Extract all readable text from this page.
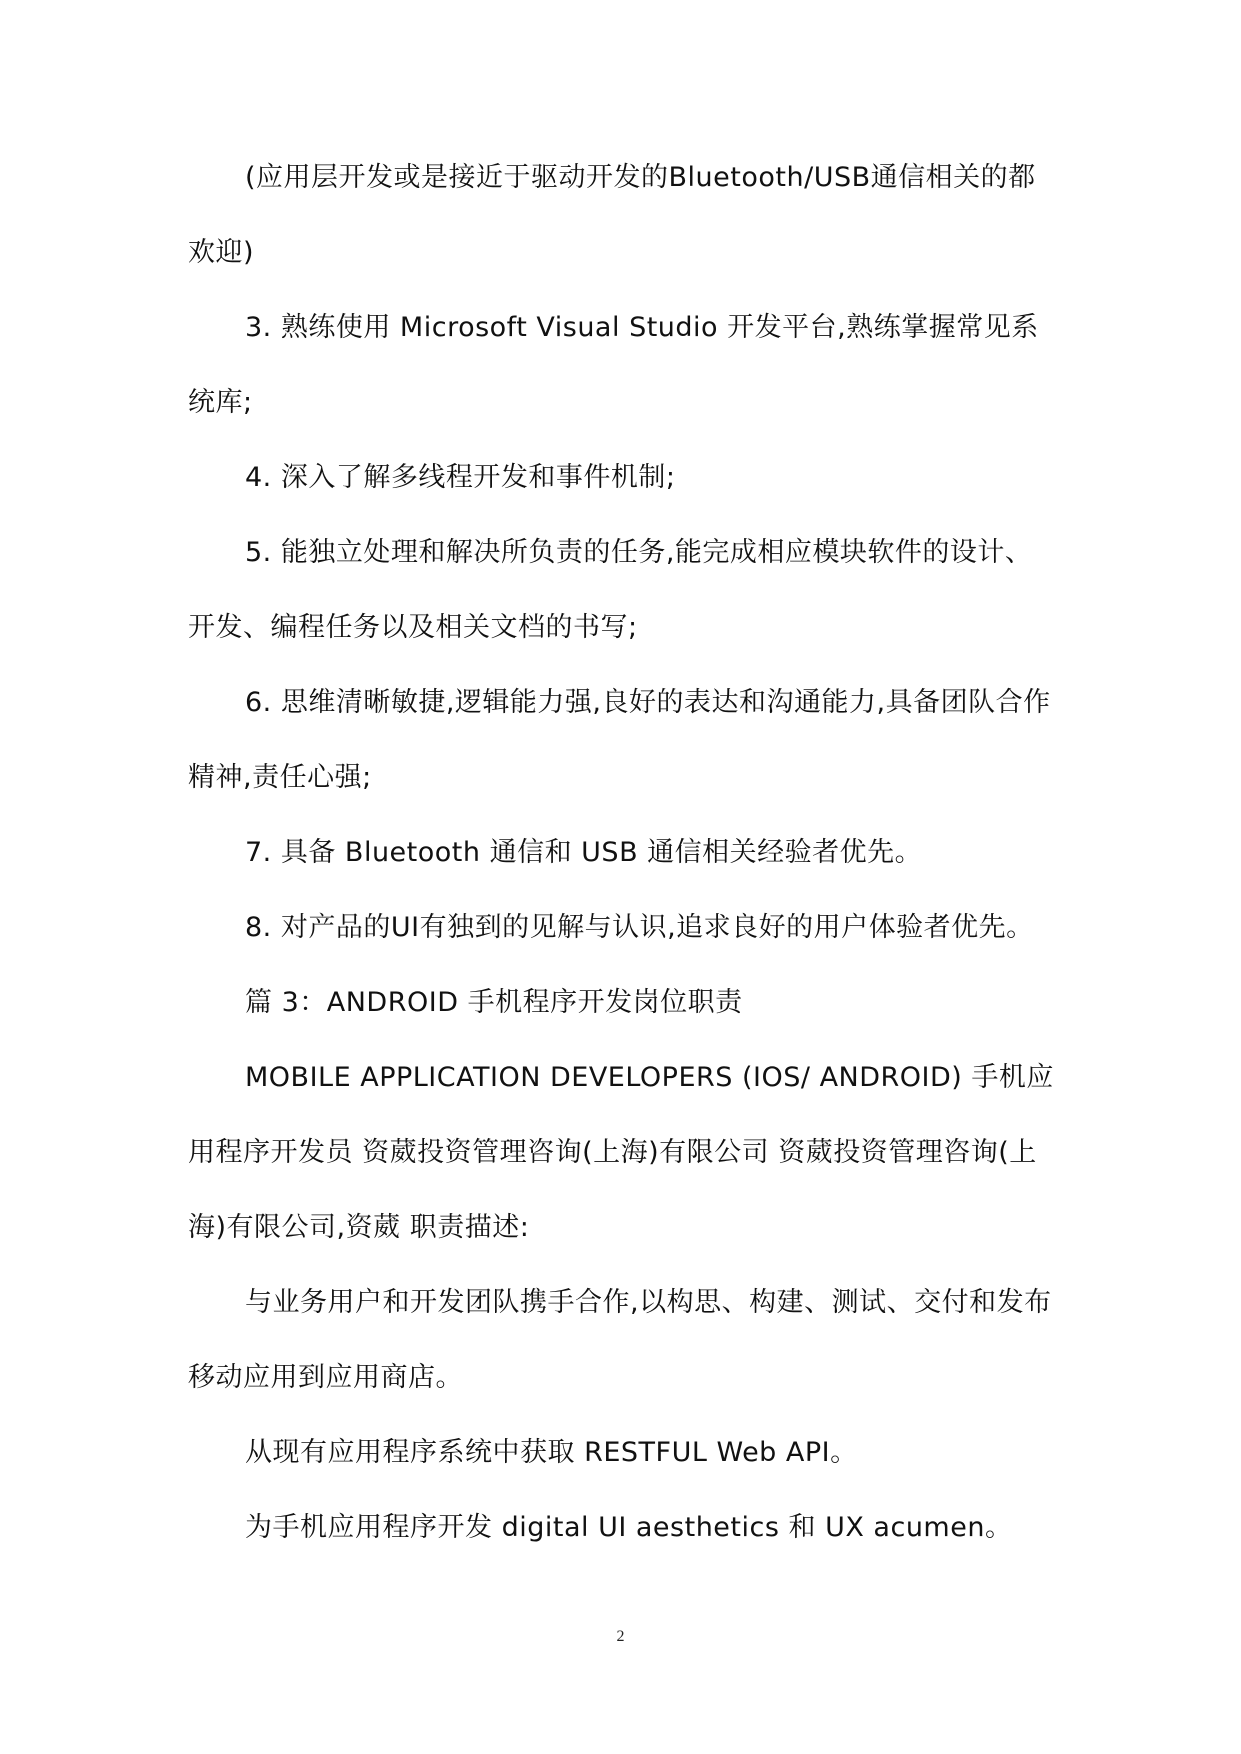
(应用层开发或是接近于驱动开发的Bluetooth/USB通信相关的都欢迎)

3. 熟练使用 Microsoft Visual Studio 开发平台,熟练掌握常见系统库;

4. 深入了解多线程开发和事件机制;

5. 能独立处理和解决所负责的任务,能完成相应模块软件的设计、开发、编程任务以及相关文档的书写;

6. 思维清晰敏捷,逻辑能力强,良好的表达和沟通能力,具备团队合作精神,责任心强;

7. 具备 Bluetooth 通信和 USB 通信相关经验者优先。

8. 对产品的UI有独到的见解与认识,追求良好的用户体验者优先。

篇 3：ANDROID 手机程序开发岗位职责

MOBILE APPLICATION DEVELOPERS (IOS/ ANDROID) 手机应用程序开发员 资葳投资管理咨询(上海)有限公司 资葳投资管理咨询(上海)有限公司,资葳 职责描述:

与业务用户和开发团队携手合作,以构思、构建、测试、交付和发布移动应用到应用商店。

从现有应用程序系统中获取 RESTFUL Web API。

为手机应用程序开发 digital UI aesthetics 和 UX acumen。

2
